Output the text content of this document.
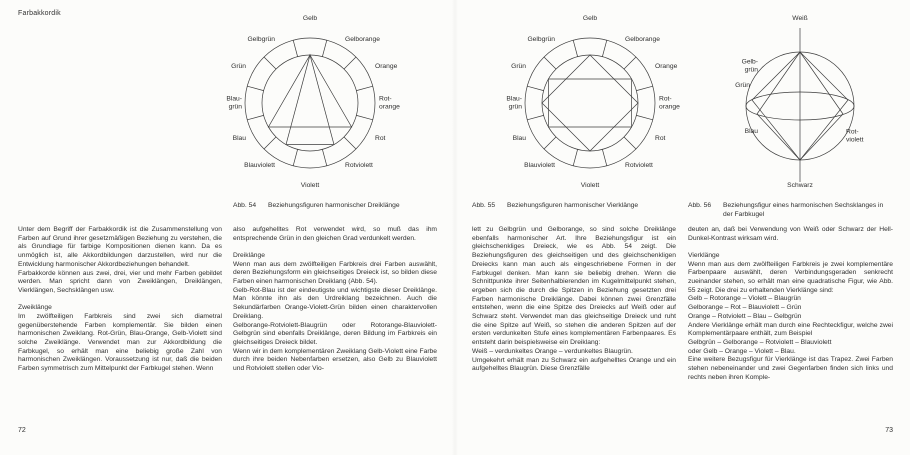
Farbakkordik
Gelb
Gelborange
Orange
Rot-
orange
Rot
Rotviolett
Violett
Blauviolett
Blau
Blau-
grün
Grün
Gelbgrün
Gelb
Gelborange
Orange
Rot-
orange
Rot
Rotviolett
Violett
Blauviolett
Blau
Blau-
grün
Grün
Gelbgrün
Weiß
Schwarz
Gelb-
grün
Grün
Blau	Rot-
violett
Abb. 54	Beziehungsfiguren harmonischer Dreiklänge	Abb. 55	Beziehungsfiguren harmonischer Vierklänge	Abb. 56	Beziehungsfigur eines harmonischen Sechsklanges in der Farbkugel
Unter dem Begriff der Farbakkordik ist die Zusammenstellung von Farben auf Grund ihrer gesetzmäßigen Beziehung zu verstehen, die als Grundlage für farbige Kompositionen dienen kann. Da es unmöglich ist, alle Akkordbildungen darzustellen, wird nur die Entwicklung harmonischer Akkordbeziehungen behandelt.
Farbakkorde können aus zwei, drei, vier und mehr Farben gebildet werden. Man spricht dann von Zweiklängen, Dreiklängen, Vierklängen, Sechsklängen usw.
Zweiklänge
Im zwölfteiligen Farbkreis sind zwei sich diametral gegenüberstehende Farben komplementär. Sie bilden einen harmonischen Zweiklang. Rot-Grün, Blau-Orange, Gelb-Violett sind solche Zweiklänge. Verwendet man zur Akkordbildung die Farbkugel, so erhält man eine beliebig große Zahl von harmonischen Zweiklängen. Voraussetzung ist nur, daß die beiden Farben symmetrisch zum Mittelpunkt der Farbkugel stehen. Wenn
also aufgehelltes Rot verwendet wird, so muß das ihm entsprechende Grün in den gleichen Grad verdunkelt werden.
Dreiklänge
Wenn man aus dem zwölfteiligen Farbkreis drei Farben auswählt, deren Beziehungsform ein gleichseitiges Dreieck ist, so bilden diese Farben einen harmonischen Dreiklang (Abb. 54).
Gelb-Rot-Blau ist der eindeutigste und wichtigste dieser Dreiklänge. Man könnte ihn als den Urdreiklang bezeichnen. Auch die Sekundärfarben Orange-Violett-Grün bilden einen charaktervollen Dreiklang.
Gelborange-Rotviolett-Blaugrün oder Rotorange-Blauviolett-Gelbgrün sind ebenfalls Dreiklänge, deren Bildung im Farbkreis ein gleichseitiges Dreieck bildet.
Wenn wir in dem komplementären Zweiklang Gelb-Violett eine Farbe durch ihre beiden Nebenfarben ersetzen, also Gelb zu Blauviolett und Rotviolett stellen oder Vio-
lett zu Gelbgrün und Gelborange, so sind solche Dreiklänge ebenfalls harmonischer Art. Ihre Beziehungsfigur ist ein gleichschenkliges Dreieck, wie es Abb. 54 zeigt. Die Beziehungsfiguren des gleichseitigen und des gleichschenkligen Dreiecks kann man auch als eingeschriebene Formen in der Farbkugel denken. Man kann sie beliebig drehen. Wenn die Schnittpunkte ihrer Seitenhalbierenden im Kugelmittelpunkt stehen, ergeben sich die durch die Spitzen in Beziehung gesetzten drei Farben harmonische Dreiklänge. Dabei können zwei Grenzfälle entstehen, wenn die eine Spitze des Dreiecks auf Weiß oder auf Schwarz steht. Verwendet man das gleichseitige Dreieck und ruht die eine Spitze auf Weiß, so stehen die anderen Spitzen auf der ersten verdunkelten Stufe eines komplementären Farbenpaares. Es entsteht darin beispielsweise ein Dreiklang:
Weiß – verdunkeltes Orange – verdunkeltes Blaugrün.
Umgekehrt erhält man zu Schwarz ein aufgehelltes Orange und ein aufgehelltes Blaugrün. Diese Grenzfälle
deuten an, daß bei Verwendung von Weiß oder Schwarz der Hell-Dunkel-Kontrast wirksam wird.
Vierklänge
Wenn man aus dem zwölfteiligen Farbkreis je zwei komplementäre Farbenpaare auswählt, deren Verbindungsgeraden senkrecht zueinander stehen, so erhält man eine quadratische Figur, wie Abb. 55 zeigt. Die drei zu erhaltenden Vierklänge sind:
Gelb – Rotorange – Violett – Blaugrün
Gelborange – Rot – Blauviolett – Grün
Orange – Rotviolett – Blau – Gelbgrün
Andere Vierklänge erhält man durch eine Rechteckfigur, welche zwei Komplementärpaare enthält, zum Beispiel
Gelbgrün – Gelborange – Rotviolett – Blauviolett
oder Gelb – Orange – Violett – Blau.
Eine weitere Bezugsfigur für Vierklänge ist das Trapez. Zwei Farben stehen nebeneinander und zwei Gegenfarben finden sich links und rechts neben ihren Komple-
72	73
